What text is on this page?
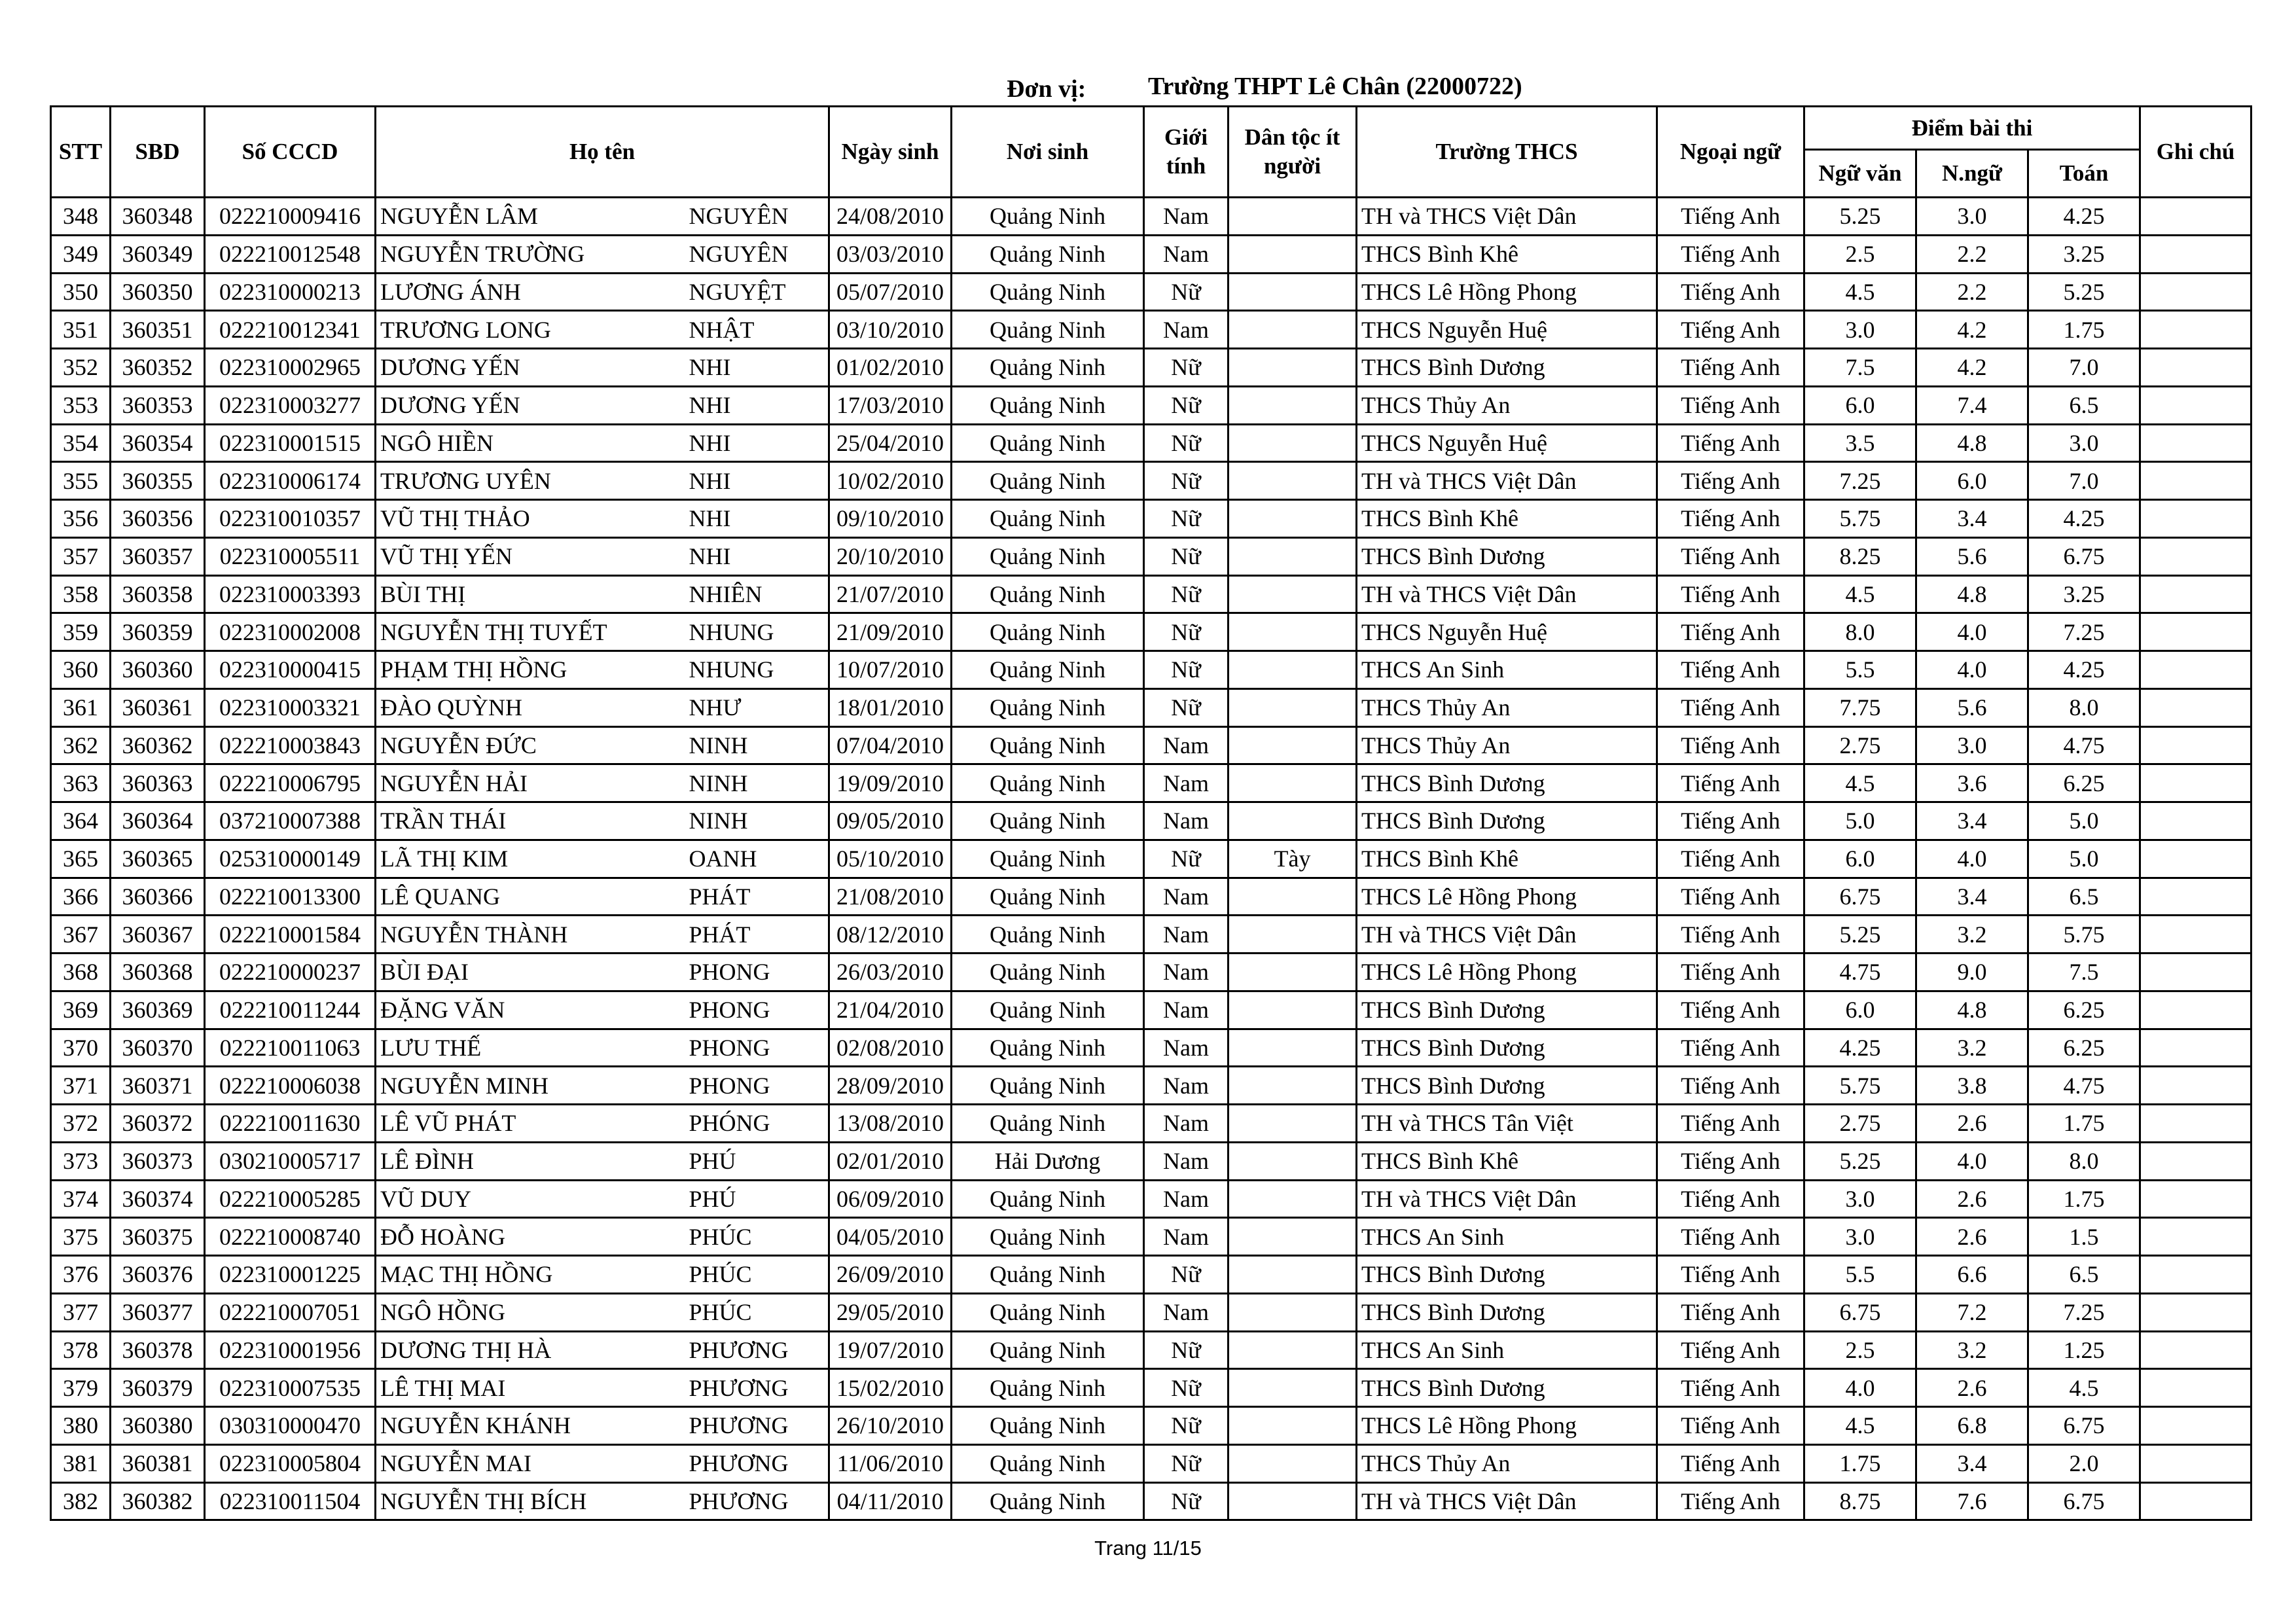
Đơn vị: Trường THPT Lê Chân (22000722)
STT	SBD	Số CCCD	Họ tên		Ngày sinh	Nơi sinh	Giới tính	Dân tộc ít người	Trường THCS	Ngoại ngữ	Điểm bài thi			Ghi chú
											Ngữ văn	N.ngữ	Toán	
348	360348	022210009416	NGUYỄN LÂM	NGUYÊN	24/08/2010	Quảng Ninh	Nam		TH và THCS Việt Dân	Tiếng Anh	5.25	3.0	4.25	
349	360349	022210012548	NGUYỄN TRƯỜNG	NGUYÊN	03/03/2010	Quảng Ninh	Nam		THCS Bình Khê	Tiếng Anh	2.5	2.2	3.25	
350	360350	022310000213	LƯƠNG ÁNH	NGUYỆT	05/07/2010	Quảng Ninh	Nữ		THCS Lê Hồng Phong	Tiếng Anh	4.5	2.2	5.25	
351	360351	022210012341	TRƯƠNG LONG	NHẬT	03/10/2010	Quảng Ninh	Nam		THCS Nguyễn Huệ	Tiếng Anh	3.0	4.2	1.75	
352	360352	022310002965	DƯƠNG YẾN	NHI	01/02/2010	Quảng Ninh	Nữ		THCS Bình Dương	Tiếng Anh	7.5	4.2	7.0	
353	360353	022310003277	DƯƠNG YẾN	NHI	17/03/2010	Quảng Ninh	Nữ		THCS Thủy An	Tiếng Anh	6.0	7.4	6.5	
354	360354	022310001515	NGÔ HIỀN	NHI	25/04/2010	Quảng Ninh	Nữ		THCS Nguyễn Huệ	Tiếng Anh	3.5	4.8	3.0	
355	360355	022310006174	TRƯƠNG UYÊN	NHI	10/02/2010	Quảng Ninh	Nữ		TH và THCS Việt Dân	Tiếng Anh	7.25	6.0	7.0	
356	360356	022310010357	VŨ THỊ THẢO	NHI	09/10/2010	Quảng Ninh	Nữ		THCS Bình Khê	Tiếng Anh	5.75	3.4	4.25	
357	360357	022310005511	VŨ THỊ YẾN	NHI	20/10/2010	Quảng Ninh	Nữ		THCS Bình Dương	Tiếng Anh	8.25	5.6	6.75	
358	360358	022310003393	BÙI THỊ	NHIÊN	21/07/2010	Quảng Ninh	Nữ		TH và THCS Việt Dân	Tiếng Anh	4.5	4.8	3.25	
359	360359	022310002008	NGUYỄN THỊ TUYẾT	NHUNG	21/09/2010	Quảng Ninh	Nữ		THCS Nguyễn Huệ	Tiếng Anh	8.0	4.0	7.25	
360	360360	022310000415	PHẠM THỊ HỒNG	NHUNG	10/07/2010	Quảng Ninh	Nữ		THCS An Sinh	Tiếng Anh	5.5	4.0	4.25	
361	360361	022310003321	ĐÀO QUỲNH	NHƯ	18/01/2010	Quảng Ninh	Nữ		THCS Thủy An	Tiếng Anh	7.75	5.6	8.0	
362	360362	022210003843	NGUYỄN ĐỨC	NINH	07/04/2010	Quảng Ninh	Nam		THCS Thủy An	Tiếng Anh	2.75	3.0	4.75	
363	360363	022210006795	NGUYỄN HẢI	NINH	19/09/2010	Quảng Ninh	Nam		THCS Bình Dương	Tiếng Anh	4.5	3.6	6.25	
364	360364	037210007388	TRẦN THÁI	NINH	09/05/2010	Quảng Ninh	Nam		THCS Bình Dương	Tiếng Anh	5.0	3.4	5.0	
365	360365	025310000149	LÃ THỊ KIM	OANH	05/10/2010	Quảng Ninh	Nữ	Tày	THCS Bình Khê	Tiếng Anh	6.0	4.0	5.0	
366	360366	022210013300	LÊ QUANG	PHÁT	21/08/2010	Quảng Ninh	Nam		THCS Lê Hồng Phong	Tiếng Anh	6.75	3.4	6.5	
367	360367	022210001584	NGUYỄN THÀNH	PHÁT	08/12/2010	Quảng Ninh	Nam		TH và THCS Việt Dân	Tiếng Anh	5.25	3.2	5.75	
368	360368	022210000237	BÙI ĐẠI	PHONG	26/03/2010	Quảng Ninh	Nam		THCS Lê Hồng Phong	Tiếng Anh	4.75	9.0	7.5	
369	360369	022210011244	ĐẶNG VĂN	PHONG	21/04/2010	Quảng Ninh	Nam		THCS Bình Dương	Tiếng Anh	6.0	4.8	6.25	
370	360370	022210011063	LƯU THẾ	PHONG	02/08/2010	Quảng Ninh	Nam		THCS Bình Dương	Tiếng Anh	4.25	3.2	6.25	
371	360371	022210006038	NGUYỄN MINH	PHONG	28/09/2010	Quảng Ninh	Nam		THCS Bình Dương	Tiếng Anh	5.75	3.8	4.75	
372	360372	022210011630	LÊ VŨ PHÁT	PHÓNG	13/08/2010	Quảng Ninh	Nam		TH và THCS Tân Việt	Tiếng Anh	2.75	2.6	1.75	
373	360373	030210005717	LÊ ĐÌNH	PHÚ	02/01/2010	Hải Dương	Nam		THCS Bình Khê	Tiếng Anh	5.25	4.0	8.0	
374	360374	022210005285	VŨ DUY	PHÚ	06/09/2010	Quảng Ninh	Nam		TH và THCS Việt Dân	Tiếng Anh	3.0	2.6	1.75	
375	360375	022210008740	ĐỖ HOÀNG	PHÚC	04/05/2010	Quảng Ninh	Nam		THCS An Sinh	Tiếng Anh	3.0	2.6	1.5	
376	360376	022310001225	MẠC THỊ HỒNG	PHÚC	26/09/2010	Quảng Ninh	Nữ		THCS Bình Dương	Tiếng Anh	5.5	6.6	6.5	
377	360377	022210007051	NGÔ HỒNG	PHÚC	29/05/2010	Quảng Ninh	Nam		THCS Bình Dương	Tiếng Anh	6.75	7.2	7.25	
378	360378	022310001956	DƯƠNG THỊ HÀ	PHƯƠNG	19/07/2010	Quảng Ninh	Nữ		THCS An Sinh	Tiếng Anh	2.5	3.2	1.25	
379	360379	022310007535	LÊ THỊ MAI	PHƯƠNG	15/02/2010	Quảng Ninh	Nữ		THCS Bình Dương	Tiếng Anh	4.0	2.6	4.5	
380	360380	030310000470	NGUYỄN KHÁNH	PHƯƠNG	26/10/2010	Quảng Ninh	Nữ		THCS Lê Hồng Phong	Tiếng Anh	4.5	6.8	6.75	
381	360381	022310005804	NGUYỄN MAI	PHƯƠNG	11/06/2010	Quảng Ninh	Nữ		THCS Thủy An	Tiếng Anh	1.75	3.4	2.0	
382	360382	022310011504	NGUYỄN THỊ BÍCH	PHƯƠNG	04/11/2010	Quảng Ninh	Nữ		TH và THCS Việt Dân	Tiếng Anh	8.75	7.6	6.75	
Trang 11/15
